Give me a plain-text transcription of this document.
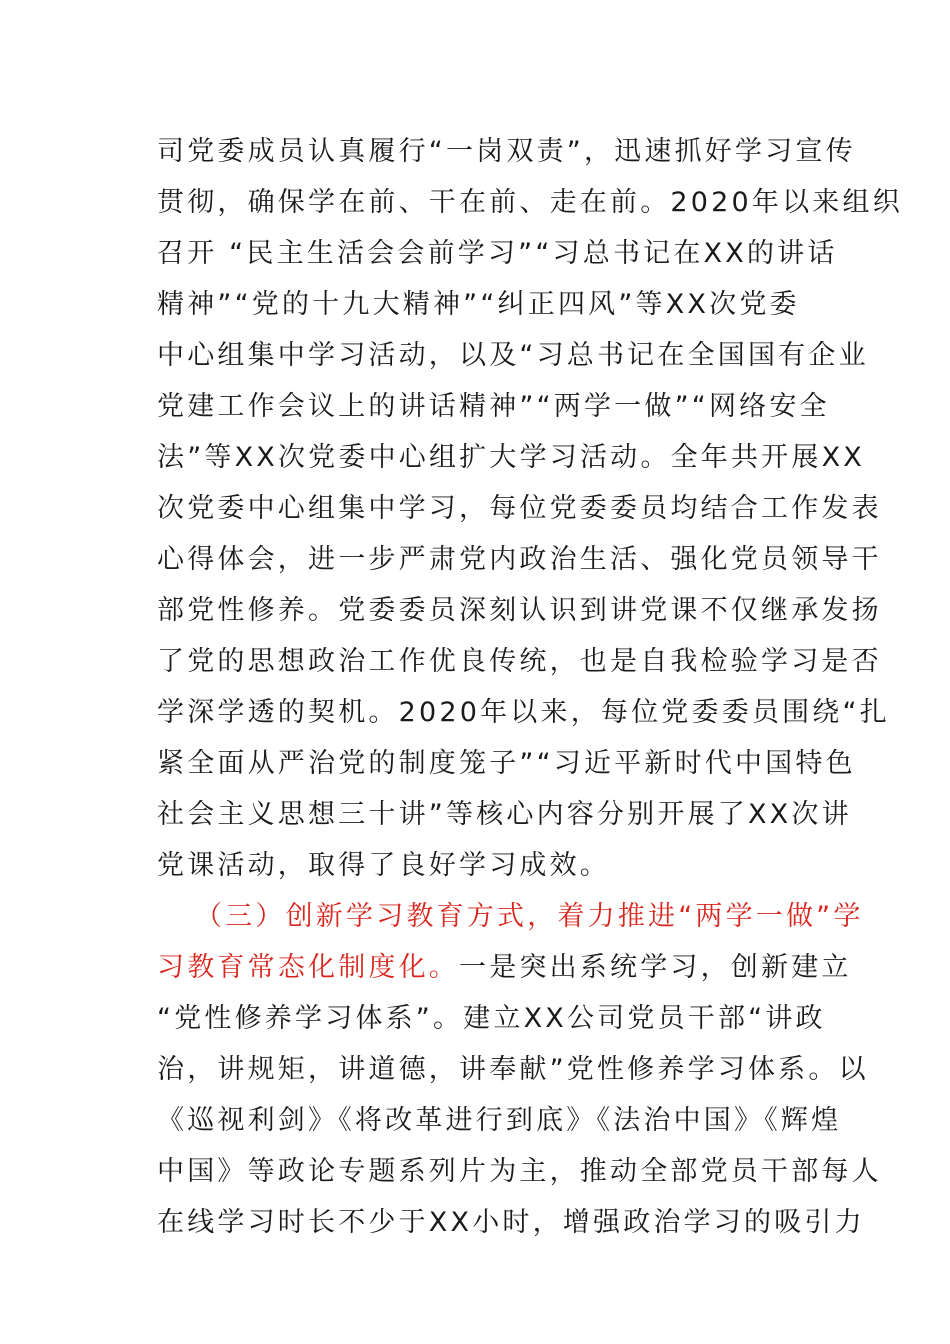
司党委成员认真履行“一岗双责”，迅速抓好学习宣传
贯彻，确保学在前、干在前、走在前。2020年以来组织
召开 “民主生活会会前学习”“习总书记在XX的讲话
精神”“党的十九大精神”“纠正四风”等XX次党委
中心组集中学习活动，以及“习总书记在全国国有企业
党建工作会议上的讲话精神”“两学一做”“网络安全
法”等XX次党委中心组扩大学习活动。全年共开展XX
次党委中心组集中学习，每位党委委员均结合工作发表
心得体会，进一步严肃党内政治生活、强化党员领导干
部党性修养。党委委员深刻认识到讲党课不仅继承发扬
了党的思想政治工作优良传统，也是自我检验学习是否
学深学透的契机。2020年以来，每位党委委员围绕“扎
紧全面从严治党的制度笼子”“习近平新时代中国特色
社会主义思想三十讲”等核心内容分别开展了XX次讲
党课活动，取得了良好学习成效。
（三）创新学习教育方式，着力推进“两学一做”学
习教育常态化制度化。一是突出系统学习，创新建立
“党性修养学习体系”。建立XX公司党员干部“讲政
治，讲规矩，讲道德，讲奉献”党性修养学习体系。以
《巡视利剑》《将改革进行到底》《法治中国》《辉煌
中国》等政论专题系列片为主，推动全部党员干部每人
在线学习时长不少于XX小时，增强政治学习的吸引力
